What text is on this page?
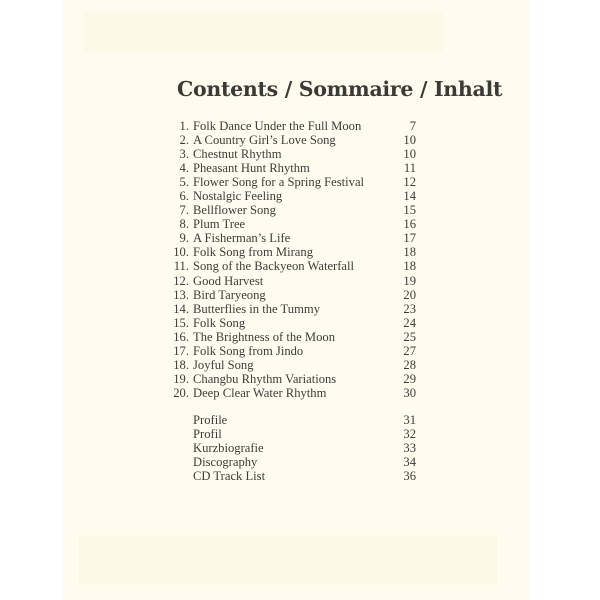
Contents / Sommaire / Inhalt
1. Folk Dance Under the Full Moon	7
2. A Country Girl’s Love Song	10
3. Chestnut Rhythm	10
4. Pheasant Hunt Rhythm	11
5. Flower Song for a Spring Festival	12
6. Nostalgic Feeling	14
7. Bellflower Song	15
8. Plum Tree	16
9. A Fisherman’s Life	17
10. Folk Song from Mirang	18
11. Song of the Backyeon Waterfall	18
12. Good Harvest	19
13. Bird Taryeong	20
14. Butterflies in the Tummy	23
15. Folk Song	24
16. The Brightness of the Moon	25
17. Folk Song from Jindo	27
18. Joyful Song	28
19. Changbu Rhythm Variations	29
20. Deep Clear Water Rhythm	30
Profile	31
Profil	32
Kurzbiografie	33
Discography	34
CD Track List	36
